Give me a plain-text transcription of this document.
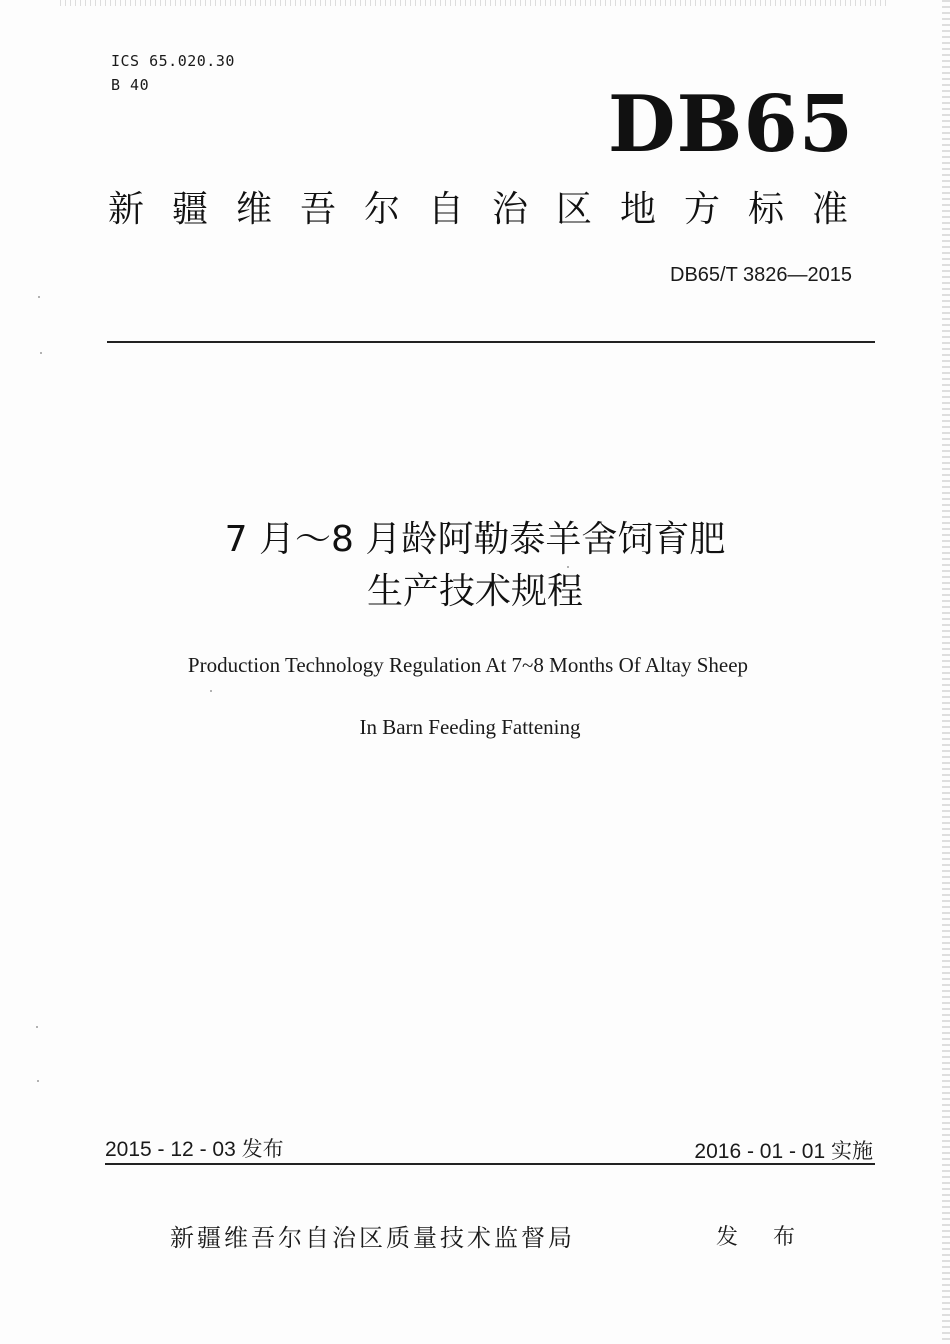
ICS 65.020.30
B 40	DB65
新疆维吾尔自治区地方标准
DB65/T 3826—2015
7 月～8 月龄阿勒泰羊舍饲育肥
生产技术规程
Production Technology Regulation At 7~8 Months Of Altay Sheep
In Barn Feeding Fattening
2015 - 12 - 03 发布	2016 - 01 - 01 实施
新疆维吾尔自治区质量技术监督局	发 布
